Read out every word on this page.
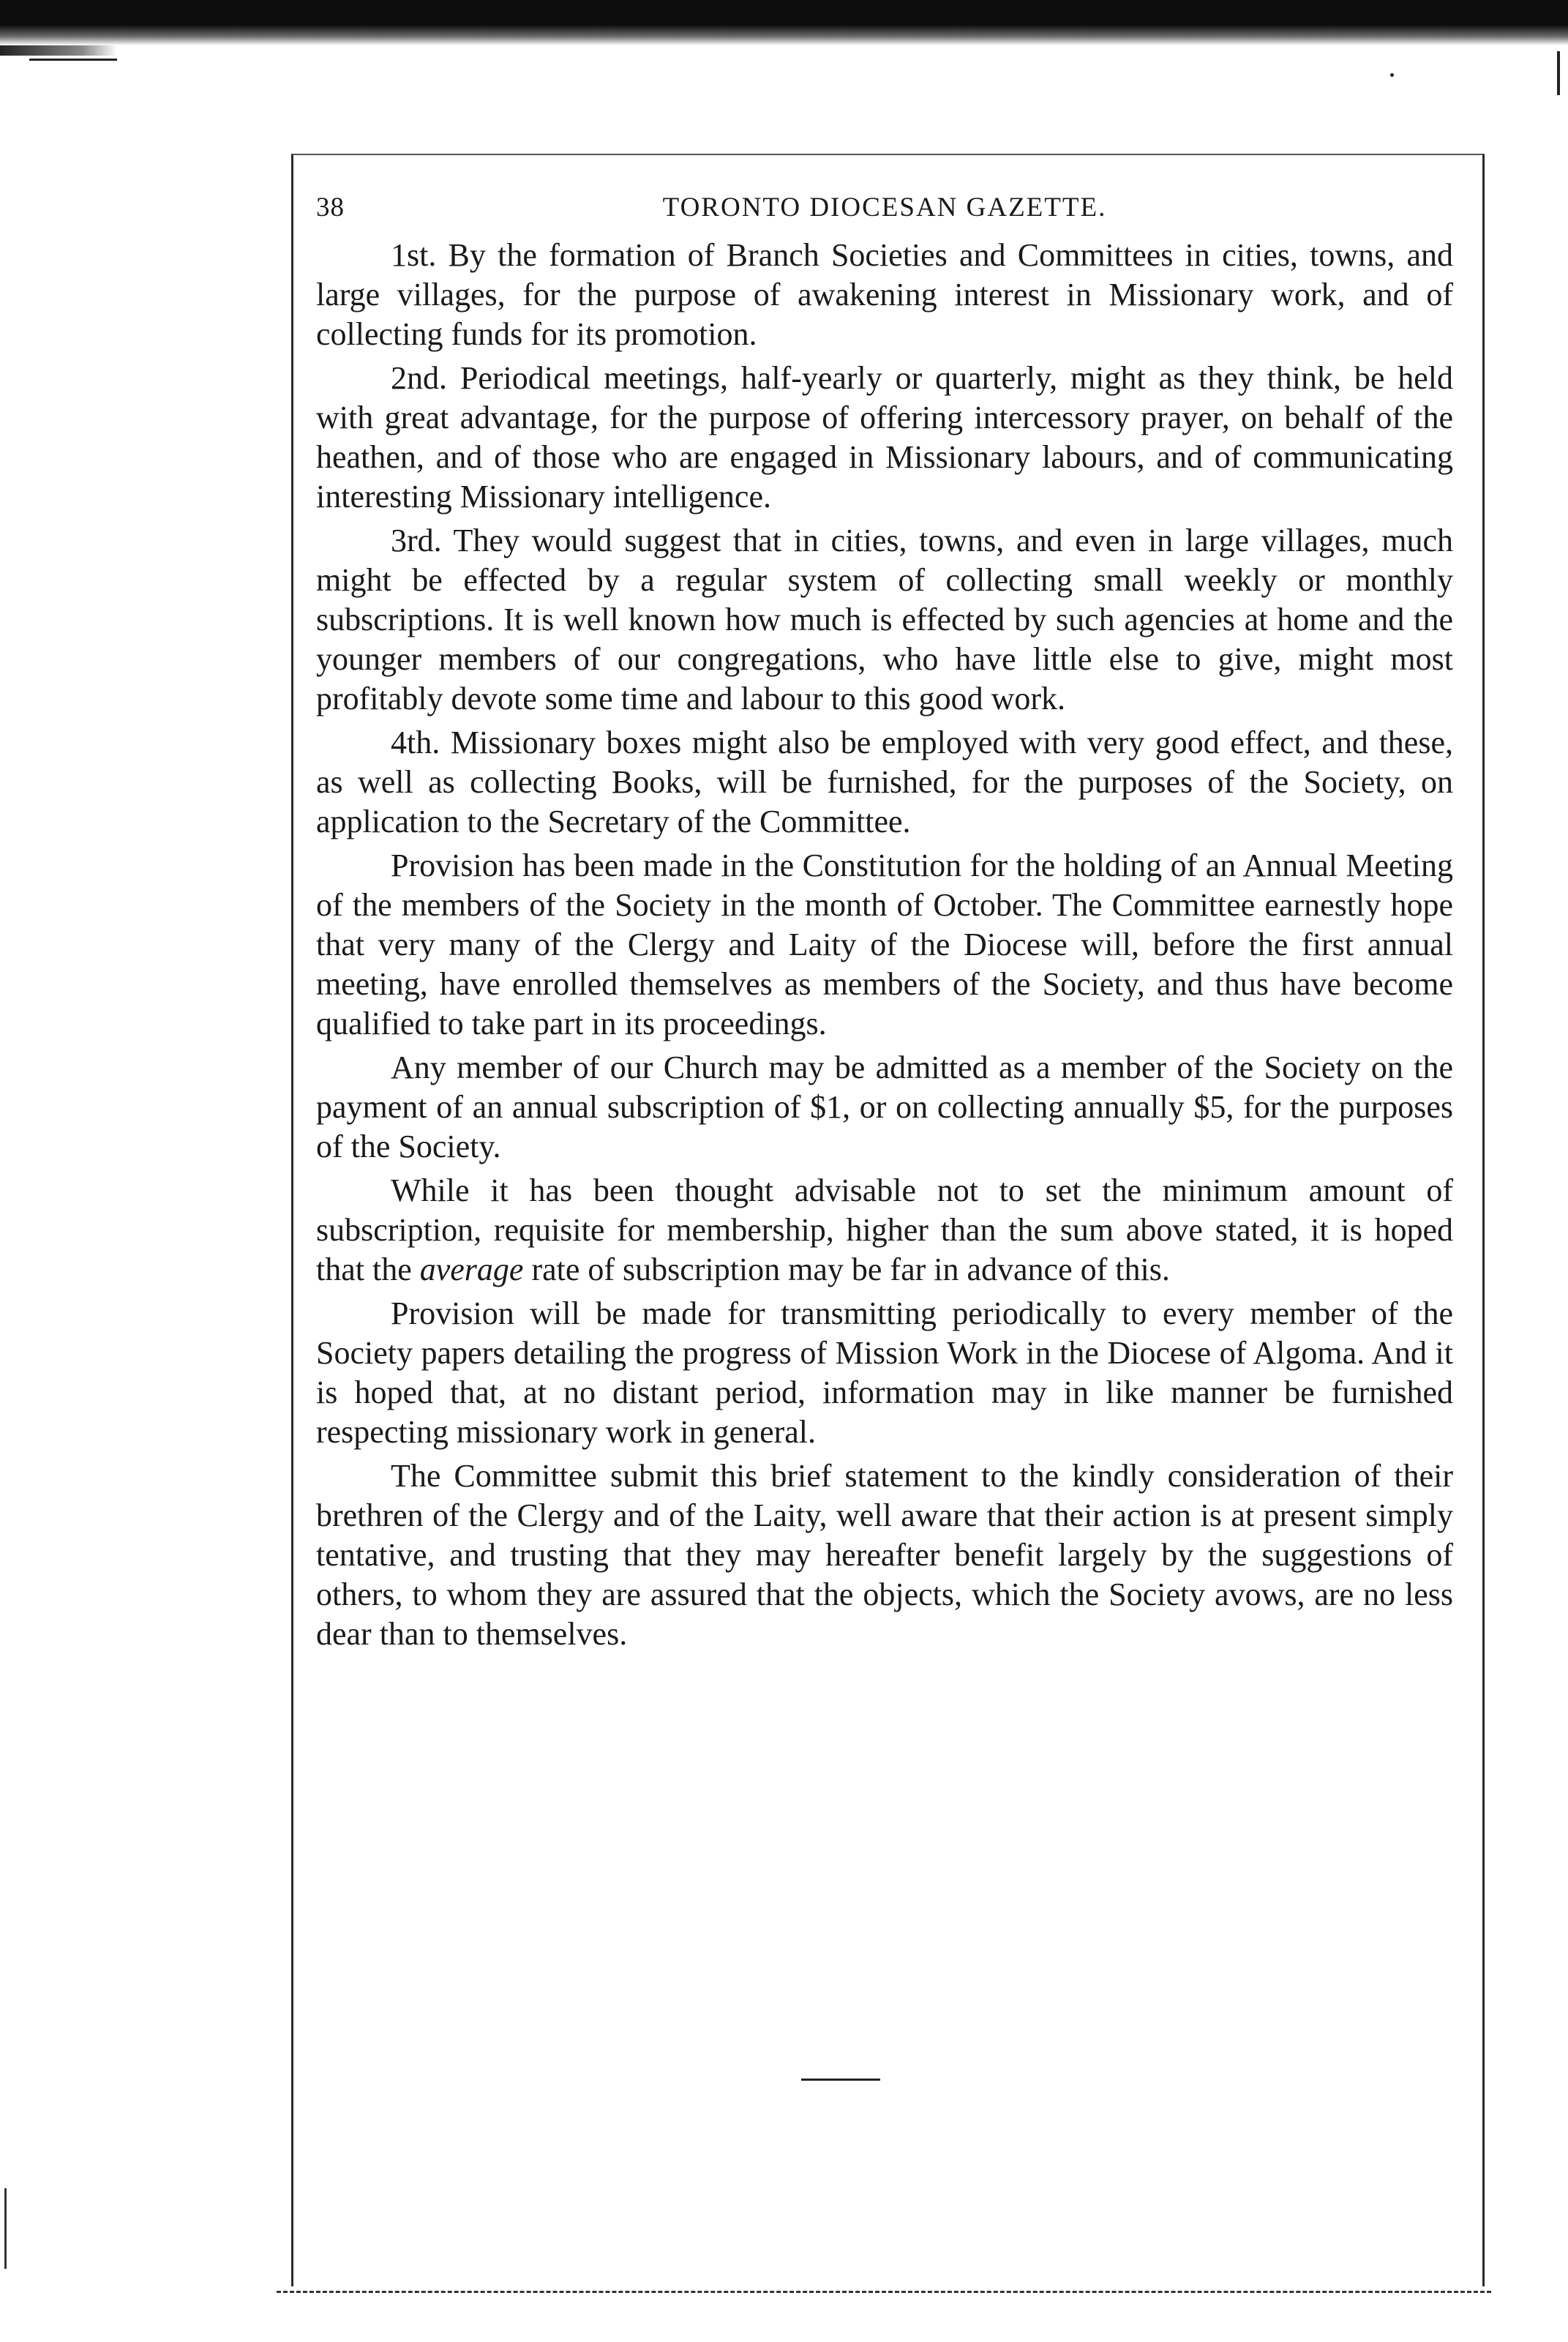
38	TORONTO DIOCESAN GAZETTE.

1st. By the formation of Branch Societies and Committees in cities, towns, and large villages, for the purpose of awakening interest in Missionary work, and of collecting funds for its promotion.

2nd. Periodical meetings, half-yearly or quarterly, might as they think, be held with great advantage, for the purpose of offering intercessory prayer, on behalf of the heathen, and of those who are engaged in Missionary labours, and of communicating interesting Missionary intelligence.

3rd. They would suggest that in cities, towns, and even in large villages, much might be effected by a regular system of collecting small weekly or monthly subscriptions. It is well known how much is effected by such agencies at home and the younger members of our congregations, who have little else to give, might most profitably devote some time and labour to this good work.

4th. Missionary boxes might also be employed with very good effect, and these, as well as collecting Books, will be furnished, for the purposes of the Society, on application to the Secretary of the Committee.

Provision has been made in the Constitution for the holding of an Annual Meeting of the members of the Society in the month of October. The Committee earnestly hope that very many of the Clergy and Laity of the Diocese will, before the first annual meeting, have enrolled themselves as members of the Society, and thus have become qualified to take part in its proceedings.

Any member of our Church may be admitted as a member of the Society on the payment of an annual subscription of $1, or on collecting annually $5, for the purposes of the Society.

While it has been thought advisable not to set the minimum amount of subscription, requisite for membership, higher than the sum above stated, it is hoped that the average rate of subscription may be far in advance of this.

Provision will be made for transmitting periodically to every member of the Society papers detailing the progress of Mission Work in the Diocese of Algoma. And it is hoped that, at no distant period, information may in like manner be furnished respecting missionary work in general.

The Committee submit this brief statement to the kindly consideration of their brethren of the Clergy and of the Laity, well aware that their action is at present simply tentative, and trusting that they may hereafter benefit largely by the suggestions of others, to whom they are assured that the objects, which the Society avows, are no less dear than to themselves.
